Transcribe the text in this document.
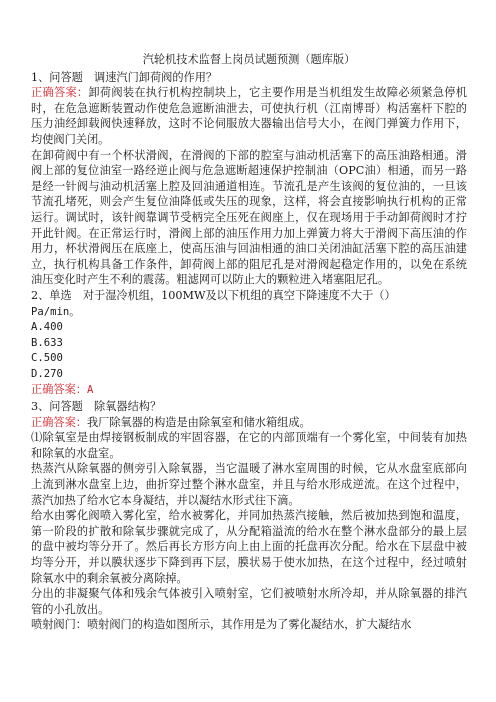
汽轮机技术监督上岗员试题预测（题库版）

1、问答题　调速汽门卸荷阀的作用？

正确答案：卸荷阀装在执行机构控制块上，它主要作用是当机组发生故障必须紧急停机时，在危急遮断装置动作使危急遮断油泄去，可使执行机（江南博哥）构活塞杆下腔的压力油经卸载阀快速释放，这时不论伺服放大器输出信号大小，在阀门弹簧力作用下，均使阀门关闭。

在卸荷阀中有一个杯状滑阀，在滑阀的下部的腔室与油动机活塞下的高压油路相通。滑阀上部的复位油室一路经逆止阀与危急遮断超速保护控制油（OPC油）相通，而另一路是经一针阀与油动机活塞上腔及回油通道相连。节流孔是产生该阀的复位油的，一旦该节流孔堵死，则会产生复位油降低或失压的现象，这样，将会直接影响执行机构的正常运行。调试时，该针阀靠调节受柄完全压死在阀座上，仅在现场用于手动卸荷阀时才拧开此针阀。在正常运行时，滑阀上部的油压作用力加上弹簧力将大于滑阀下高压油的作用力，杯状滑阀压在底座上，使高压油与回油相通的油口关闭油缸活塞下腔的高压油建立，执行机构具备工作条件，卸荷阀上部的阻尼孔是对滑阀起稳定作用的，以免在系统油压变化时产生不利的震荡。粗滤网可以防止大的颗粒进入堵塞阻尼孔。

2、单选　对于湿冷机组，100MW及以下机组的真空下降速度不大于（）
Pa/min。

A.400

B.633

C.500

D.270

正确答案：A

3、问答题　除氧器结构？

正确答案：我厂除氧器的构造是由除氧室和储水箱组成。

⑴除氧室是由焊接钢板制成的牢固容器，在它的内部顶端有一个雾化室，中间装有加热和除氧的水盘室。

热蒸汽从除氧器的侧旁引入除氧器，当它温暖了淋水室周围的时候，它从水盘室底部向上流到淋水盘室上边，曲折穿过整个淋水盘室，并且与给水形成逆流。在这个过程中，蒸汽加热了给水它本身凝结，并以凝结水形式往下滴。

给水由雾化阀喷入雾化室，给水被雾化，并同加热蒸汽接触，然后被加热到饱和温度，第一阶段的扩散和除氧步骤就完成了，从分配箱溢流的给水在整个淋水盘部分的最上层的盘中被均等分开了。然后再长方形方向上由上面的托盘再次分配。给水在下层盘中被均等分开，并以膜状逐步下降到再下层，膜状易于使水加热，在这个过程中，经过喷射除氧水中的剩余氧被分离除掉。

分出的非凝聚气体和残余气体被引入喷射室，它们被喷射水所冷却，并从除氧器的排汽管的小孔放出。

喷射阀门：喷射阀门的构造如图所示，其作用是为了雾化凝结水，扩大凝结水
